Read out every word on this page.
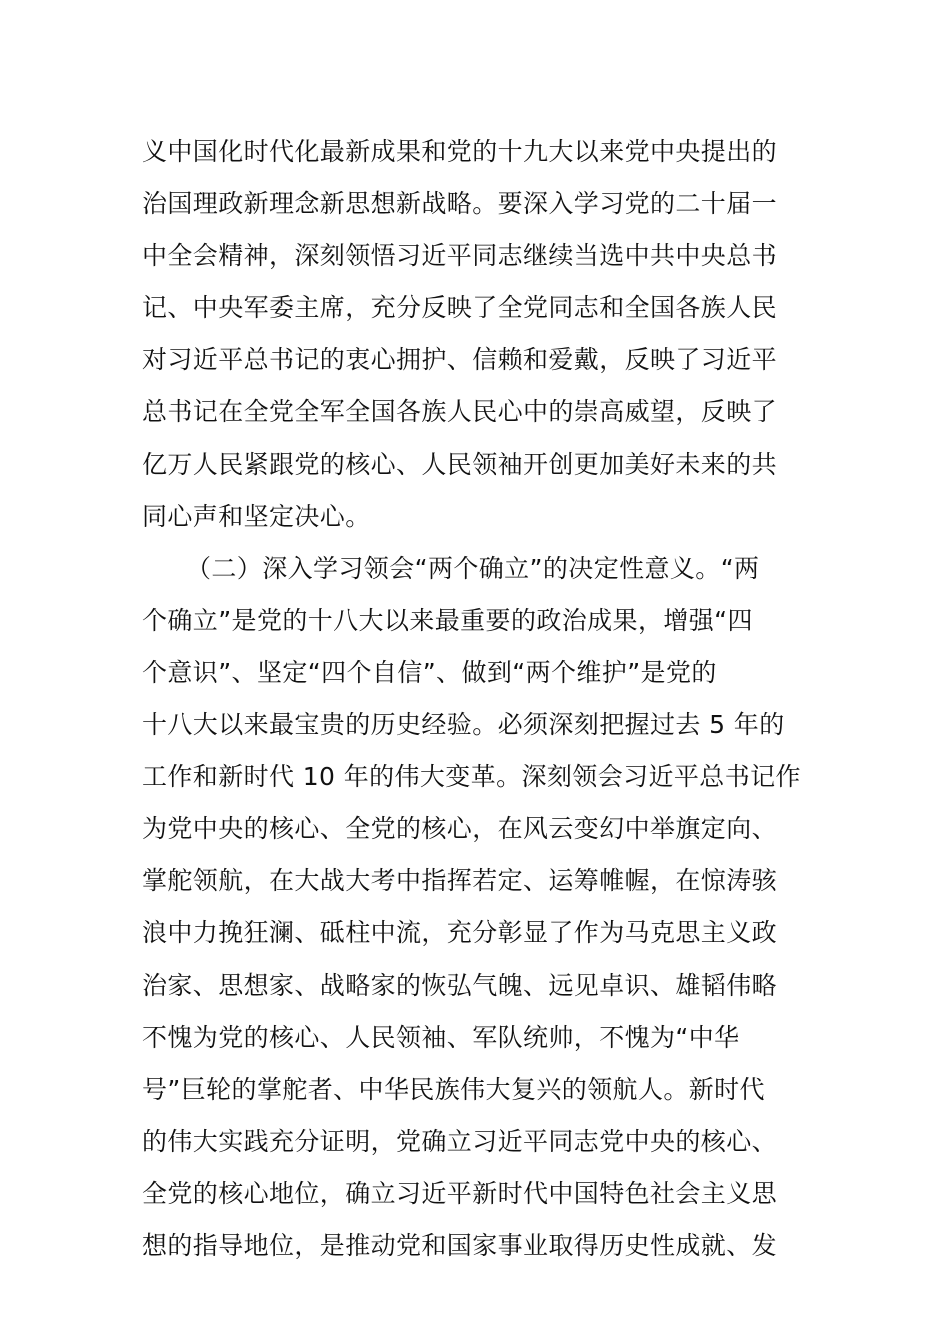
义中国化时代化最新成果和党的十九大以来党中央提出的
治国理政新理念新思想新战略。要深入学习党的二十届一
中全会精神，深刻领悟习近平同志继续当选中共中央总书
记、中央军委主席，充分反映了全党同志和全国各族人民
对习近平总书记的衷心拥护、信赖和爱戴，反映了习近平
总书记在全党全军全国各族人民心中的崇高威望，反映了
亿万人民紧跟党的核心、人民领袖开创更加美好未来的共
同心声和坚定决心。
（二）深入学习领会“两个确立”的决定性意义。“两
个确立”是党的十八大以来最重要的政治成果，增强“四
个意识”、坚定“四个自信”、做到“两个维护”是党的
十八大以来最宝贵的历史经验。必须深刻把握过去 5 年的
工作和新时代 10 年的伟大变革。深刻领会习近平总书记作
为党中央的核心、全党的核心，在风云变幻中举旗定向、
掌舵领航，在大战大考中指挥若定、运筹帷幄，在惊涛骇
浪中力挽狂澜、砥柱中流，充分彰显了作为马克思主义政
治家、思想家、战略家的恢弘气魄、远见卓识、雄韬伟略
不愧为党的核心、人民领袖、军队统帅，不愧为“中华
号”巨轮的掌舵者、中华民族伟大复兴的领航人。新时代
的伟大实践充分证明，党确立习近平同志党中央的核心、
全党的核心地位，确立习近平新时代中国特色社会主义思
想的指导地位，是推动党和国家事业取得历史性成就、发
